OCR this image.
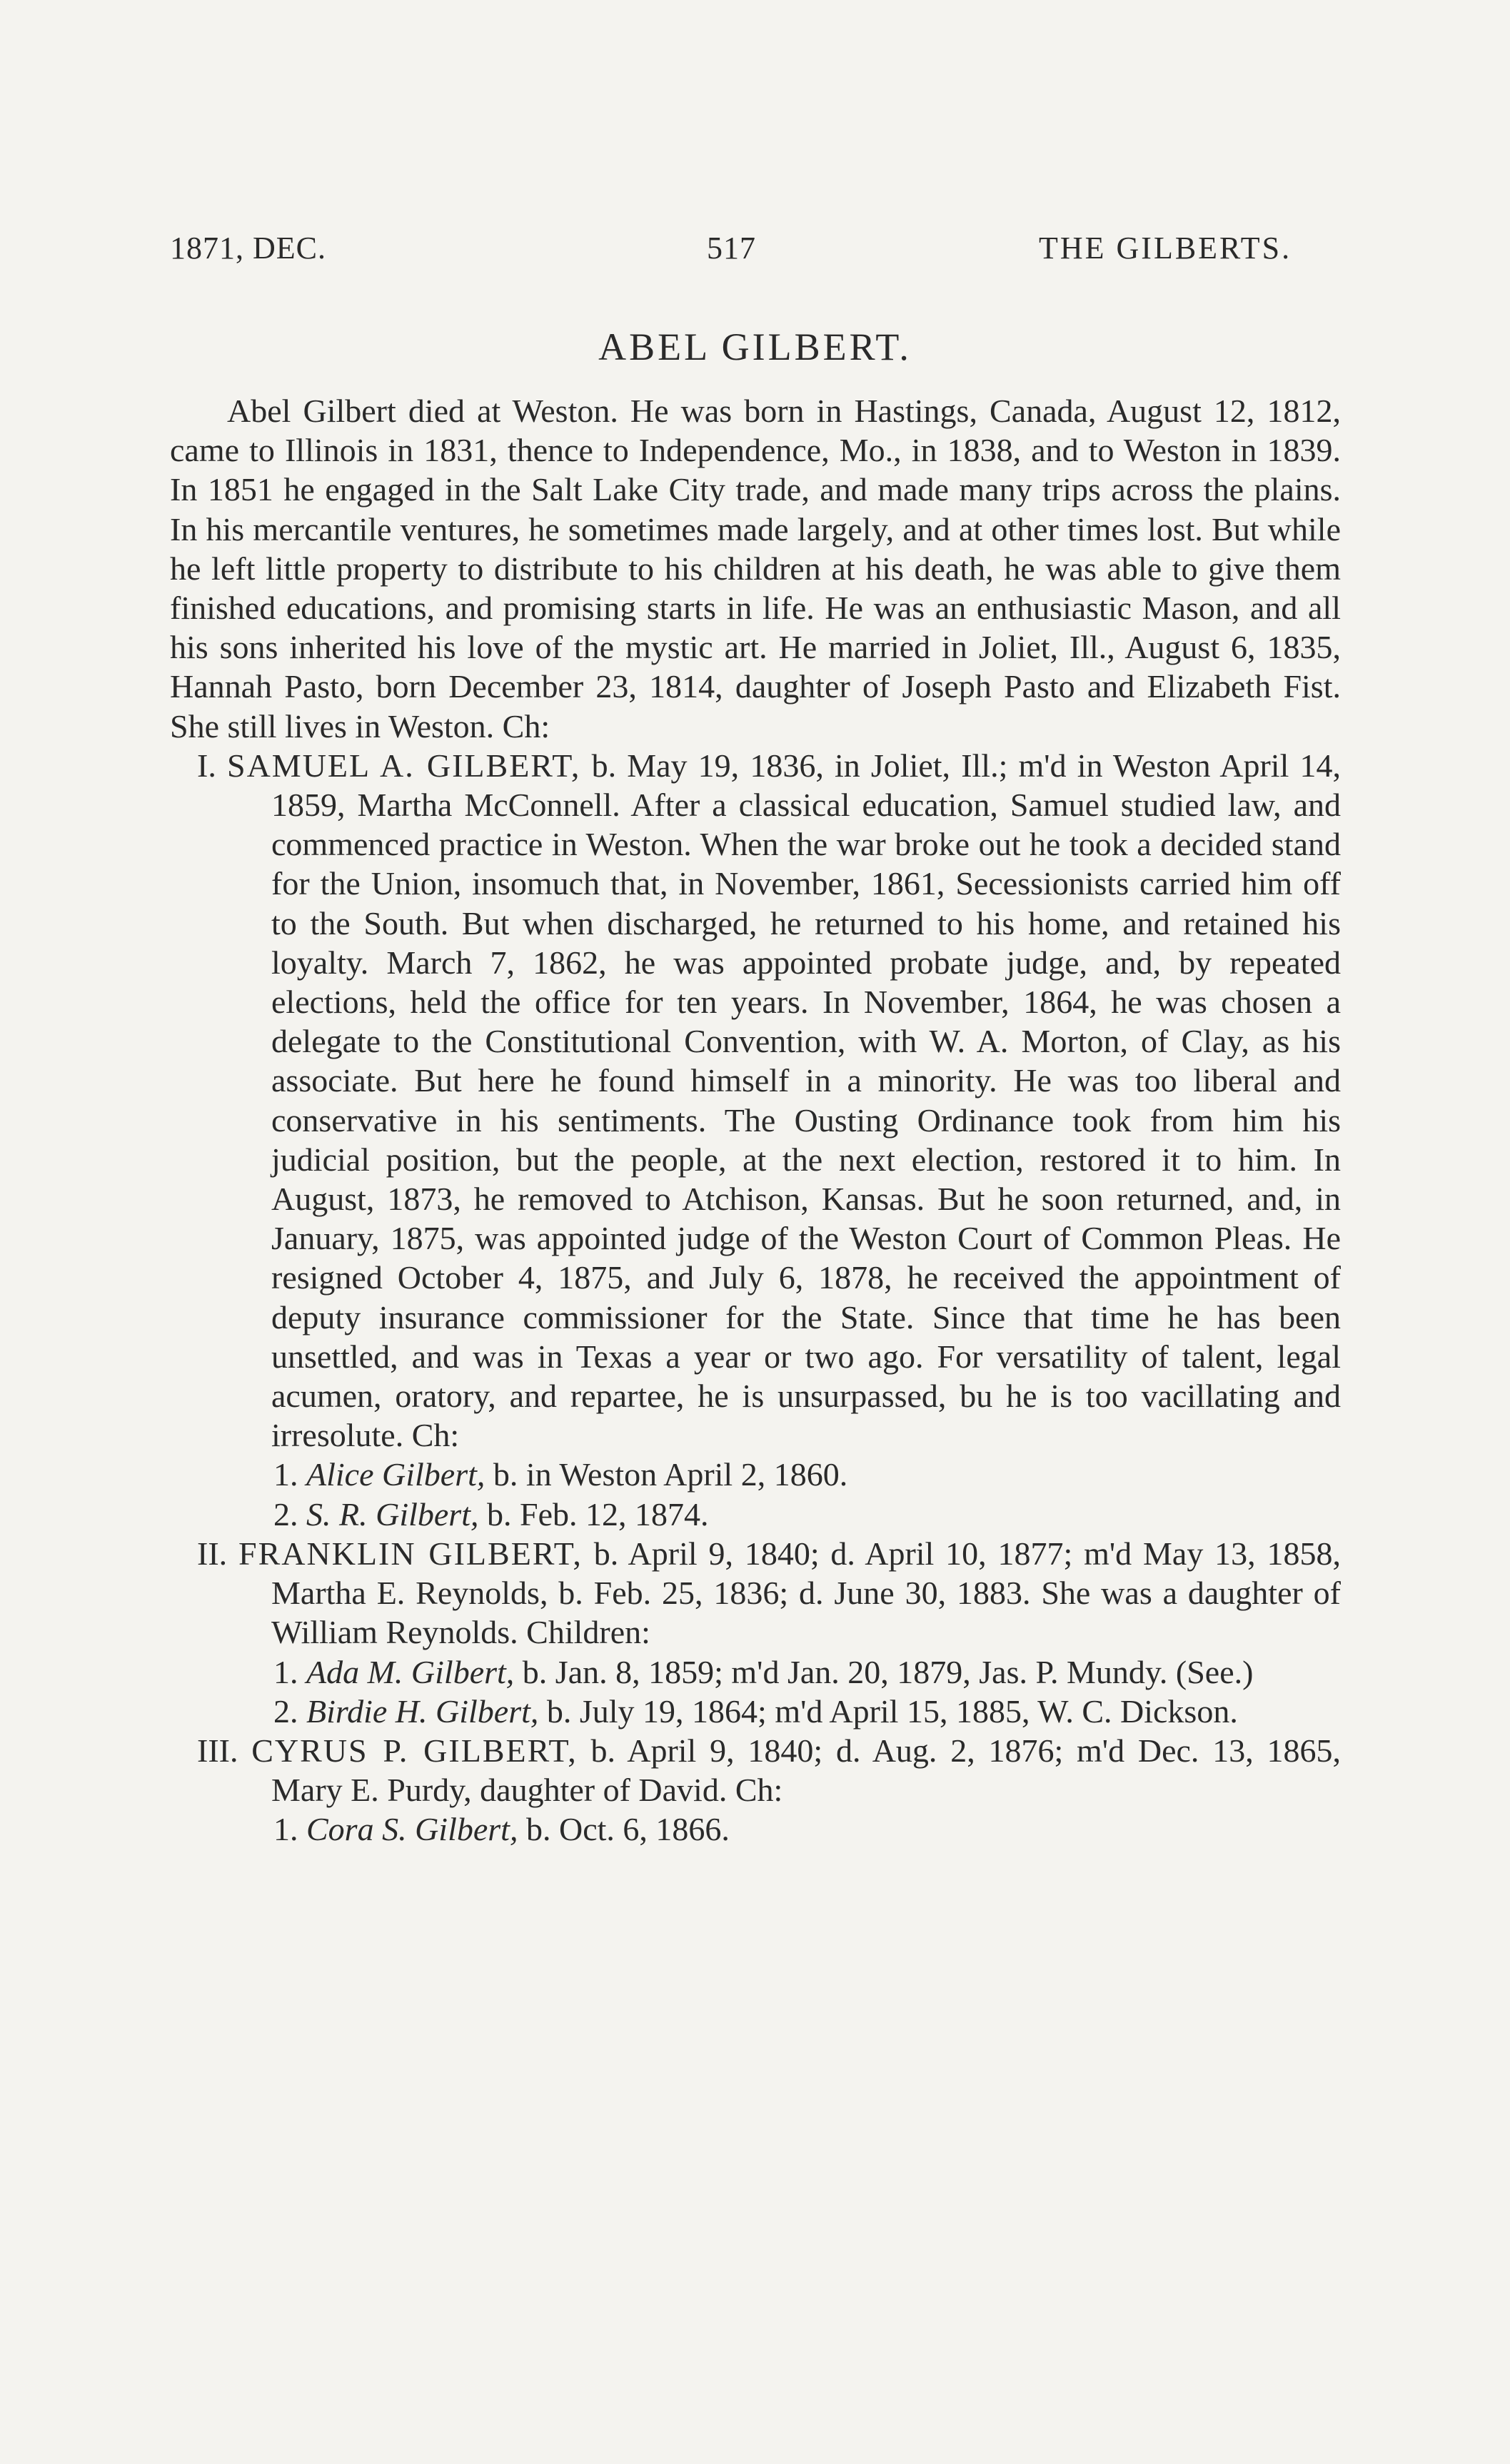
1871, DEC.	517	THE GILBERTS.
ABEL GILBERT.

Abel Gilbert died at Weston. He was born in Hastings, Canada, August 12, 1812, came to Illinois in 1831, thence to Independence, Mo., in 1838, and to Weston in 1839. In 1851 he engaged in the Salt Lake City trade, and made many trips across the plains. In his mercantile ventures, he sometimes made largely, and at other times lost. But while he left little property to distribute to his children at his death, he was able to give them finished educations, and promising starts in life. He was an enthusiastic Mason, and all his sons inherited his love of the mystic art. He married in Joliet, Ill., August 6, 1835, Hannah Pasto, born December 23, 1814, daughter of Joseph Pasto and Elizabeth Fist. She still lives in Weston. Ch:

I. SAMUEL A. GILBERT, b. May 19, 1836, in Joliet, Ill.; m'd in Weston April 14, 1859, Martha McConnell. After a classical education, Samuel studied law, and commenced practice in Weston. When the war broke out he took a decided stand for the Union, insomuch that, in November, 1861, Secessionists carried him off to the South. But when discharged, he returned to his home, and retained his loyalty. March 7, 1862, he was appointed probate judge, and, by repeated elections, held the office for ten years. In November, 1864, he was chosen a delegate to the Constitutional Convention, with W. A. Morton, of Clay, as his associate. But here he found himself in a minority. He was too liberal and conservative in his sentiments. The Ousting Ordinance took from him his judicial position, but the people, at the next election, restored it to him. In August, 1873, he removed to Atchison, Kansas. But he soon returned, and, in January, 1875, was appointed judge of the Weston Court of Common Pleas. He resigned October 4, 1875, and July 6, 1878, he received the appointment of deputy insurance commissioner for the State. Since that time he has been unsettled, and was in Texas a year or two ago. For versatility of talent, legal acumen, oratory, and repartee, he is unsurpassed, bu he is too vacillating and irresolute. Ch:

1. Alice Gilbert, b. in Weston April 2, 1860.

2. S. R. Gilbert, b. Feb. 12, 1874.

II. FRANKLIN GILBERT, b. April 9, 1840; d. April 10, 1877; m'd May 13, 1858, Martha E. Reynolds, b. Feb. 25, 1836; d. June 30, 1883. She was a daughter of William Reynolds. Children:

1. Ada M. Gilbert, b. Jan. 8, 1859; m'd Jan. 20, 1879, Jas. P. Mundy. (See.)

2. Birdie H. Gilbert, b. July 19, 1864; m'd April 15, 1885, W. C. Dickson.

III. CYRUS P. GILBERT, b. April 9, 1840; d. Aug. 2, 1876; m'd Dec. 13, 1865, Mary E. Purdy, daughter of David. Ch:

1. Cora S. Gilbert, b. Oct. 6, 1866.
